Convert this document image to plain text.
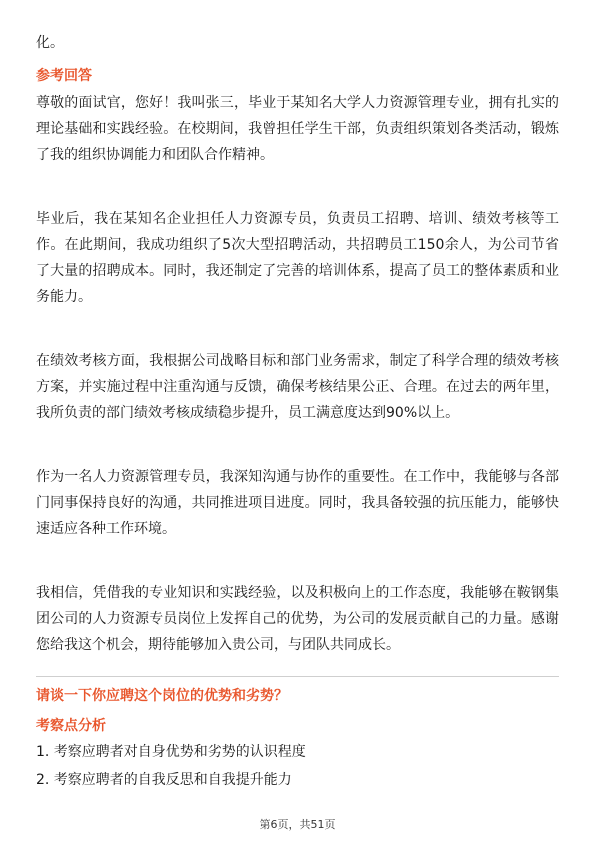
化。

参考回答

尊敬的面试官，您好！我叫张三，毕业于某知名大学人力资源管理专业，拥有扎实的理论基础和实践经验。在校期间，我曾担任学生干部，负责组织策划各类活动，锻炼了我的组织协调能力和团队合作精神。

毕业后，我在某知名企业担任人力资源专员，负责员工招聘、培训、绩效考核等工作。在此期间，我成功组织了5次大型招聘活动，共招聘员工150余人，为公司节省了大量的招聘成本。同时，我还制定了完善的培训体系，提高了员工的整体素质和业务能力。

在绩效考核方面，我根据公司战略目标和部门业务需求，制定了科学合理的绩效考核方案，并实施过程中注重沟通与反馈，确保考核结果公正、合理。在过去的两年里，我所负责的部门绩效考核成绩稳步提升，员工满意度达到90%以上。

作为一名人力资源管理专员，我深知沟通与协作的重要性。在工作中，我能够与各部门同事保持良好的沟通，共同推进项目进度。同时，我具备较强的抗压能力，能够快速适应各种工作环境。

我相信，凭借我的专业知识和实践经验，以及积极向上的工作态度，我能够在鞍钢集团公司的人力资源专员岗位上发挥自己的优势，为公司的发展贡献自己的力量。感谢您给我这个机会，期待能够加入贵公司，与团队共同成长。

请谈一下你应聘这个岗位的优势和劣势？

考察点分析

1. 考察应聘者对自身优势和劣势的认识程度

2. 考察应聘者的自我反思和自我提升能力

第6页，共51页
